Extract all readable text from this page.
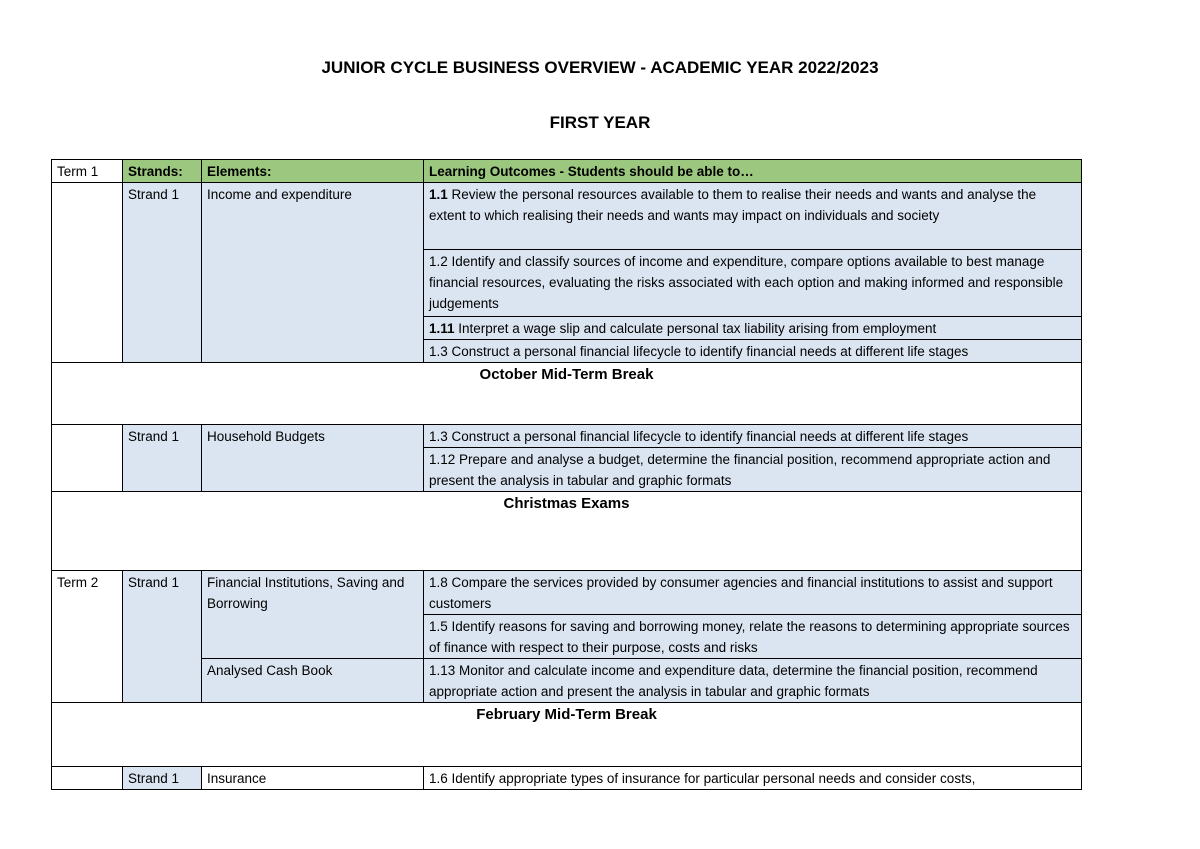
JUNIOR CYCLE BUSINESS OVERVIEW - ACADEMIC YEAR 2022/2023
FIRST YEAR
Term 1	Strands:	Elements:	Learning Outcomes - Students should be able to…
	Strand 1	Income and expenditure	1.1 Review the personal resources available to them to realise their needs and wants and analyse the extent to which realising their needs and wants may impact on individuals and society
			1.2 Identify and classify sources of income and expenditure, compare options available to best manage financial resources, evaluating the risks associated with each option and making informed and responsible judgements
			1.11 Interpret a wage slip and calculate personal tax liability arising from employment
			1.3 Construct a personal financial lifecycle to identify financial needs at different life stages
October Mid-Term Break			
	Strand 1	Household Budgets	1.3 Construct a personal financial lifecycle to identify financial needs at different life stages
			1.12 Prepare and analyse a budget, determine the financial position, recommend appropriate action and present the analysis in tabular and graphic formats
Christmas Exams			
Term 2	Strand 1	Financial Institutions, Saving and Borrowing	1.8 Compare the services provided by consumer agencies and financial institutions to assist and support customers
			1.5 Identify reasons for saving and borrowing money, relate the reasons to determining appropriate sources of finance with respect to their purpose, costs and risks
		Analysed Cash Book	1.13 Monitor and calculate income and expenditure data, determine the financial position, recommend appropriate action and present the analysis in tabular and graphic formats
February Mid-Term Break			
	Strand 1	Insurance	1.6 Identify appropriate types of insurance for particular personal needs and consider costs,
